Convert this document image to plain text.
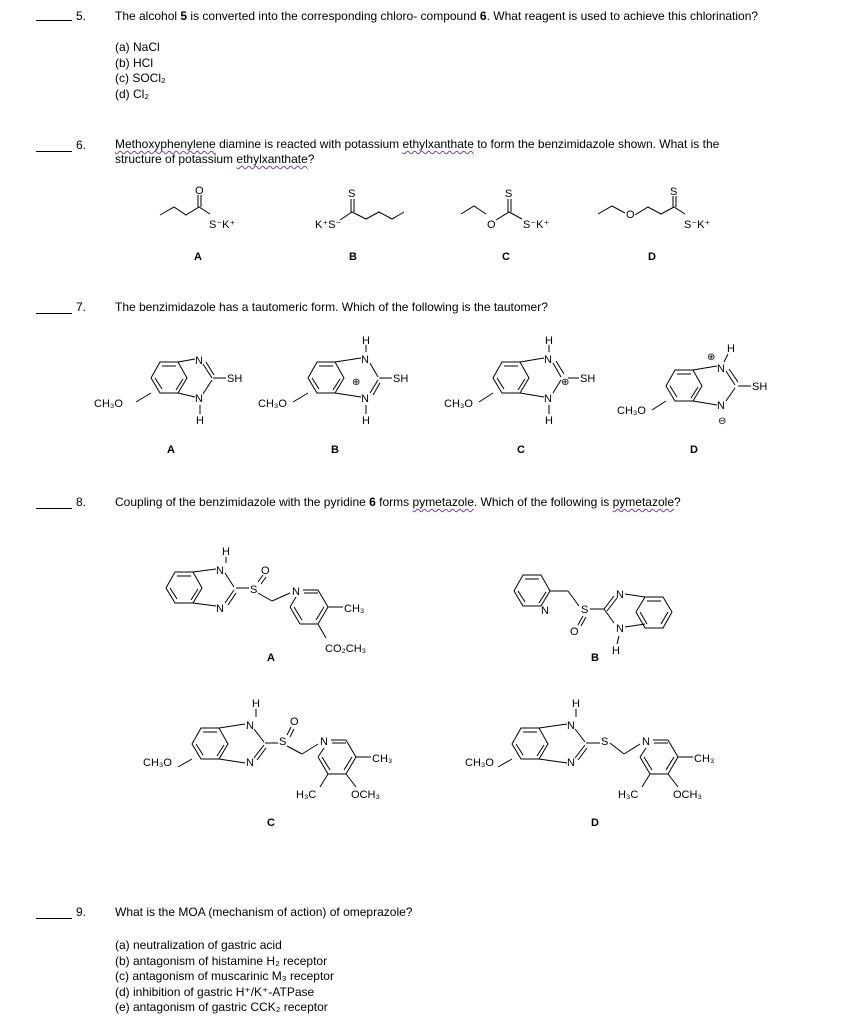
5. The alcohol 5 is converted into the corresponding chloro- compound 6. What reagent is used to achieve this chlorination?
(a) NaCl
(b) HCl
(c) SOCl₂
(d) Cl₂
6. Methoxyphenylene diamine is reacted with potassium ethylxanthate to form the benzimidazole shown. What is the
structure of potassium ethylxanthate?
O
S⁻K⁺	K⁺S⁻
S
O
S
S⁻K⁺
O
S
S⁻K⁺
A	B	C	D
7. The benzimidazole has a tautomeric form. Which of the following is the tautomer?
N
N
SH
H
CH₃O
N
N
H
⊕	SH
H
CH₃O
N
N
H
⊕ SH
H
CH₃O
N
N
⊕
H
SH
⊖
CH₃O
A	B	C	D
8. Coupling of the benzimidazole with the pyridine 6 forms pymetazole. Which of the following is pymetazole?
N
N
H
S
O
N
CH₃
CO₂CH₃
N	S
O
N
N
H
N
N
H
S
O
N
CH₃
H₃C	OCH₃
CH₃O
N
N
H
S	N
CH₃
H₃C	OCH₃
CH₃O
A	B
C	D
9. What is the MOA (mechanism of action) of omeprazole?
(a) neutralization of gastric acid
(b) antagonism of histamine H₂ receptor
(c) antagonism of muscarinic M₃ receptor
(d) inhibition of gastric H⁺/K⁺-ATPase
(e) antagonism of gastric CCK₂ receptor
